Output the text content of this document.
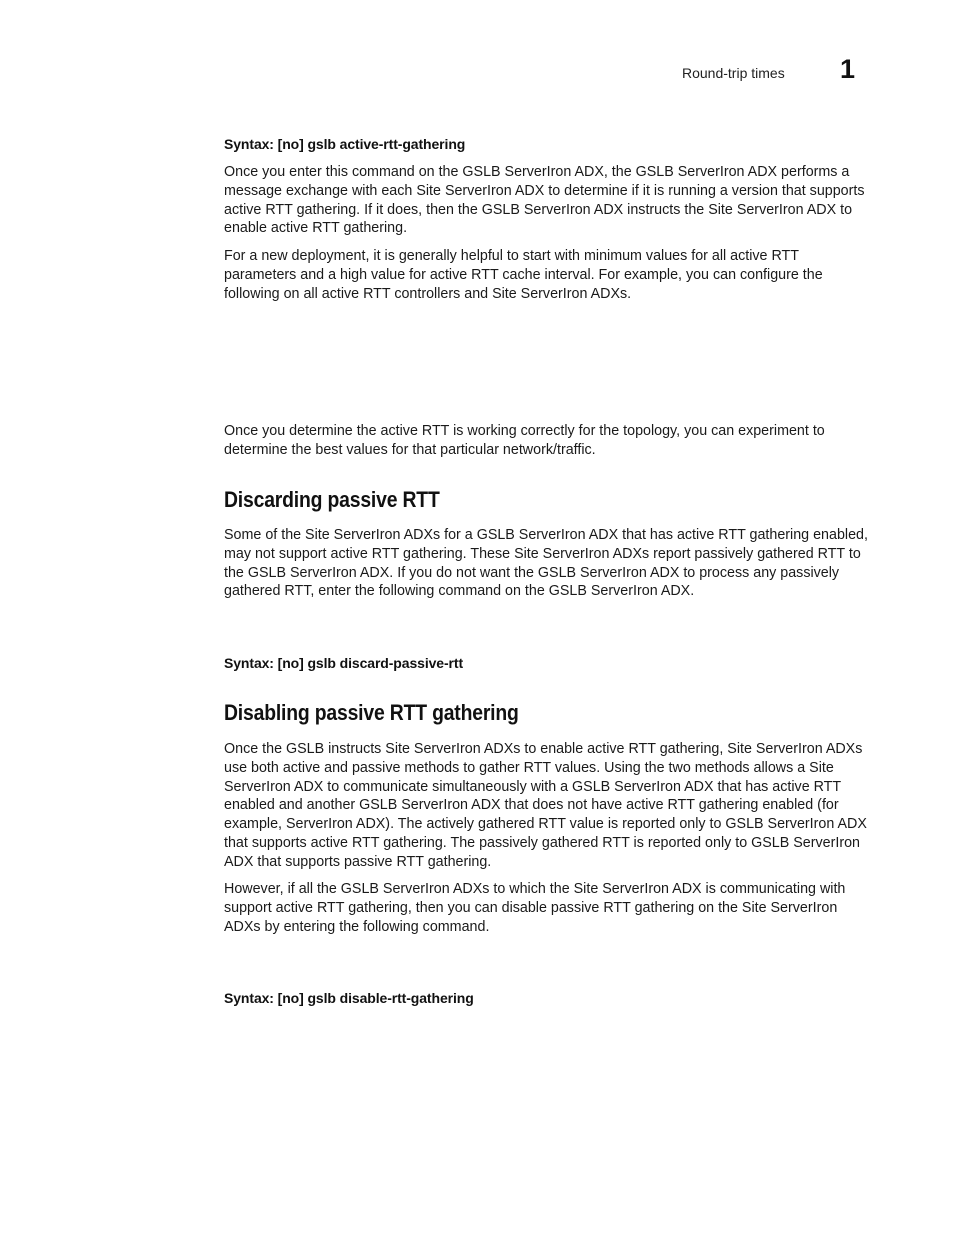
Round-trip times 1
Syntax: [no] gslb active-rtt-gathering

Once you enter this command on the GSLB ServerIron ADX, the GSLB ServerIron ADX performs a message exchange with each Site ServerIron ADX to determine if it is running a version that supports active RTT gathering. If it does, then the GSLB ServerIron ADX instructs the Site ServerIron ADX to enable active RTT gathering.

For a new deployment, it is generally helpful to start with minimum values for all active RTT parameters and a high value for active RTT cache interval. For example, you can configure the following on all active RTT controllers and Site ServerIron ADXs.

Once you determine the active RTT is working correctly for the topology, you can experiment to determine the best values for that particular network/traffic.

Discarding passive RTT

Some of the Site ServerIron ADXs for a GSLB ServerIron ADX that has active RTT gathering enabled, may not support active RTT gathering. These Site ServerIron ADXs report passively gathered RTT to the GSLB ServerIron ADX. If you do not want the GSLB ServerIron ADX to process any passively gathered RTT, enter the following command on the GSLB ServerIron ADX.

Syntax: [no] gslb discard-passive-rtt
Disabling passive RTT gathering

Once the GSLB instructs Site ServerIron ADXs to enable active RTT gathering, Site ServerIron ADXs use both active and passive methods to gather RTT values. Using the two methods allows a Site ServerIron ADX to communicate simultaneously with a GSLB ServerIron ADX that has active RTT enabled and another GSLB ServerIron ADX that does not have active RTT gathering enabled (for example, ServerIron ADX). The actively gathered RTT value is reported only to GSLB ServerIron ADX that supports active RTT gathering. The passively gathered RTT is reported only to GSLB ServerIron ADX that supports passive RTT gathering.

However, if all the GSLB ServerIron ADXs to which the Site ServerIron ADX is communicating with support active RTT gathering, then you can disable passive RTT gathering on the Site ServerIron ADXs by entering the following command.

Syntax: [no] gslb disable-rtt-gathering
